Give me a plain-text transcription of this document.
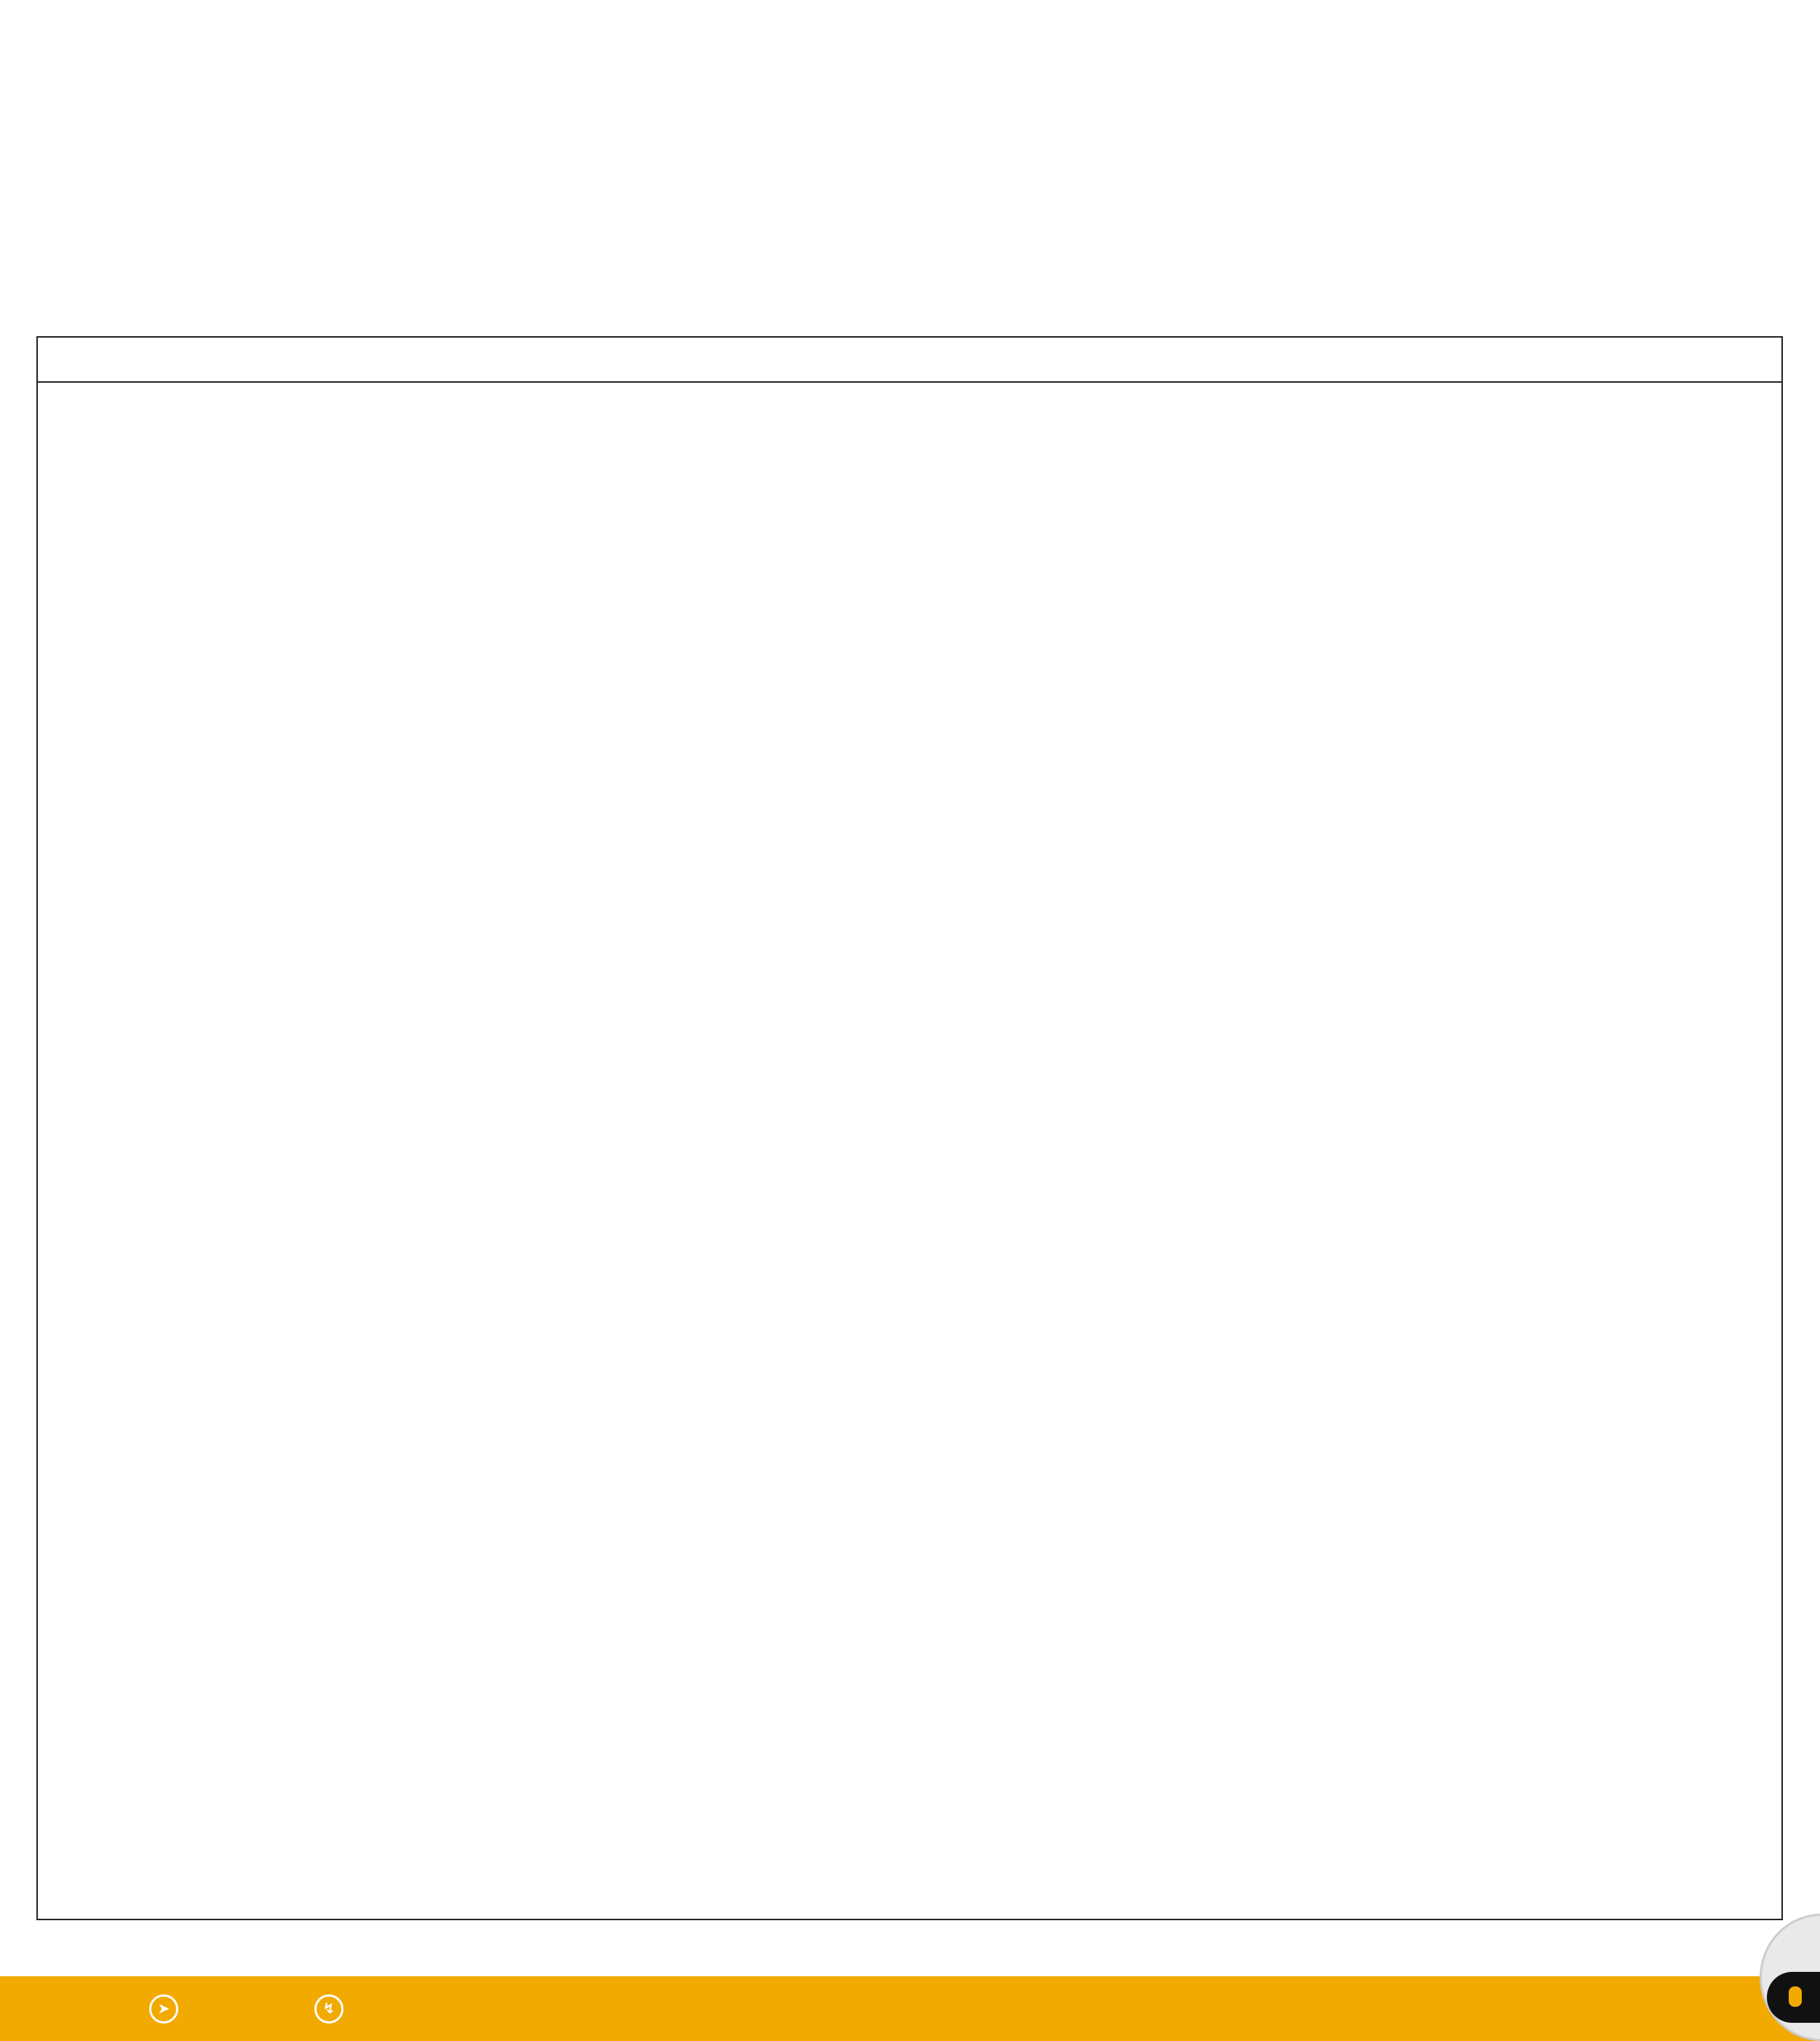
➤	↯
